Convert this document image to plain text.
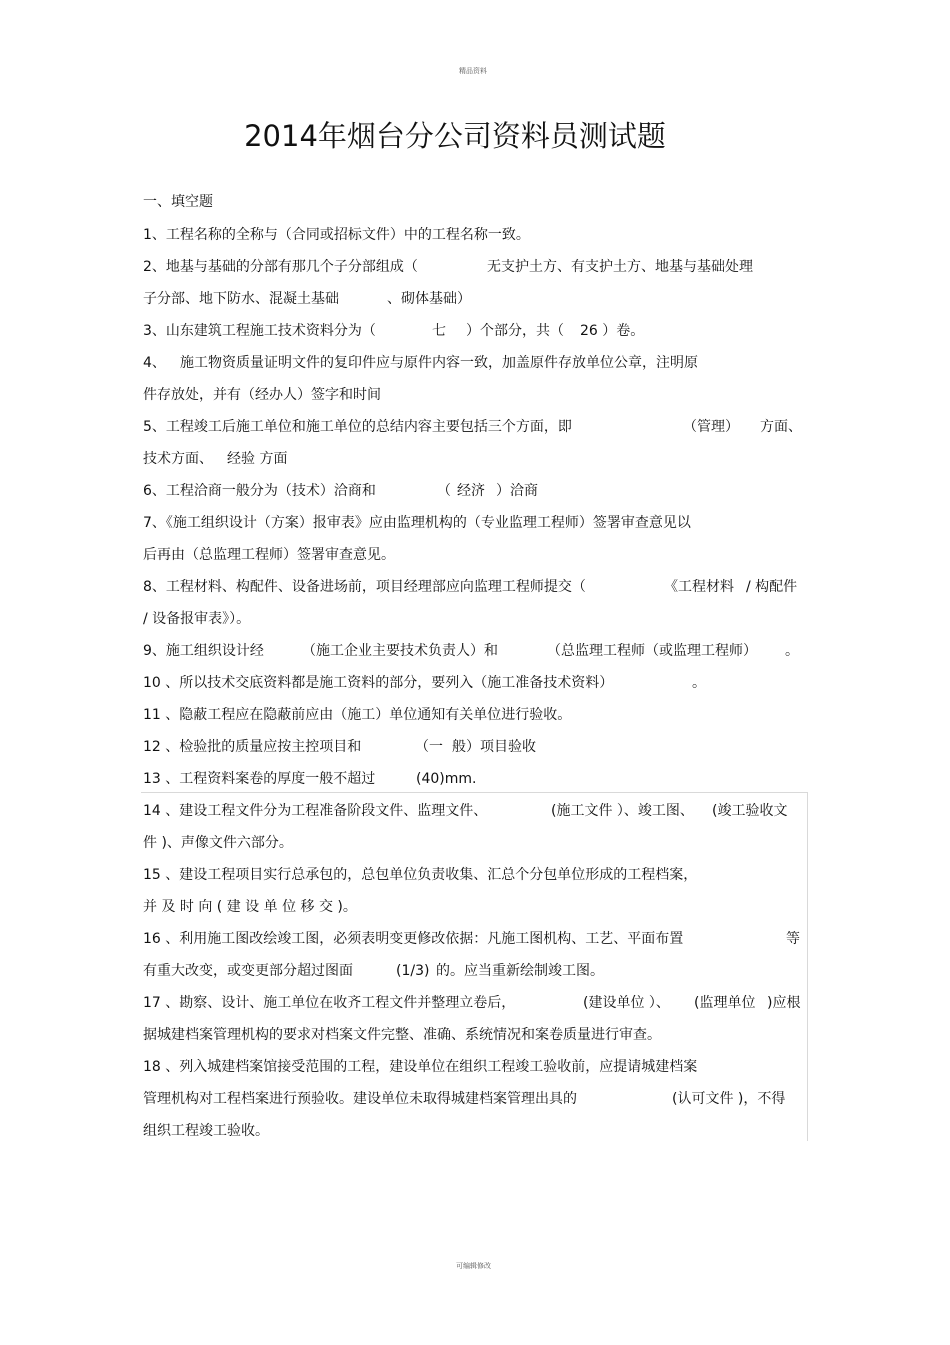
精品资料
2014年烟台分公司资料员测试题
一、填空题
1、工程名称的全称与（合同或招标文件）中的工程名称一致。
2、地基与基础的分部有那几个子分部组成（	无支护土方、有支护土方、地基与基础处理
子分部、地下防水、混凝土基础	、砌体基础）
3、山东建筑工程施工技术资料分为（	七 ）个部分，共（ 26 ）卷。
4、 施工物资质量证明文件的复印件应与原件内容一致，加盖原件存放单位公章，注明原
件存放处，并有（经办人）签字和时间
5、工程竣工后施工单位和施工单位的总结内容主要包括三个方面，即	（管理） 方面、
技术方面、 经验 方面
6、工程洽商一般分为（技术）洽商和	（ 经济 ）洽商
7、《施工组织设计（方案）报审表》应由监理机构的（专业监理工程师）签署审查意见以
后再由（总监理工程师）签署审查意见。
8、工程材料、构配件、设备进场前，项目经理部应向监理工程师提交（	《工程材料 / 构配件
/ 设备报审表》）。
9、施工组织设计经	（施工企业主要技术负责人）和	（总监理工程师（或监理工程师） 。
10 、所以技术交底资料都是施工资料的部分，要列入（施工准备技术资料）	。
11 、隐蔽工程应在隐蔽前应由（施工）单位通知有关单位进行验收。
12 、检验批的质量应按主控项目和	（一 般）项目验收
13 、工程资料案卷的厚度一般不超过	(40)mm.
14 、建设工程文件分为工程准备阶段文件、监理文件、	(施工文件 ）、竣工图、 (竣工验收文
件 )、声像文件六部分。
15 、建设工程项目实行总承包的，总包单位负责收集、汇总个分包单位形成的工程档案，
并 及 时 向 ( 建 设 单 位 移 交 )。
16 、利用施工图改绘竣工图，必须表明变更修改依据：凡施工图机构、工艺、平面布置	等
有重大改变，或变更部分超过图面	(1/3) 的。应当重新绘制竣工图。
17 、勘察、设计、施工单位在收齐工程文件并整理立卷后，	(建设单位 ）、 (监理单位 )应根
据城建档案管理机构的要求对档案文件完整、准确、系统情况和案卷质量进行审查。
18 、列入城建档案馆接受范围的工程，建设单位在组织工程竣工验收前，应提请城建档案
管理机构对工程档案进行预验收。建设单位未取得城建档案管理出具的	(认可文件 )，不得
组织工程竣工验收。
可编辑修改
